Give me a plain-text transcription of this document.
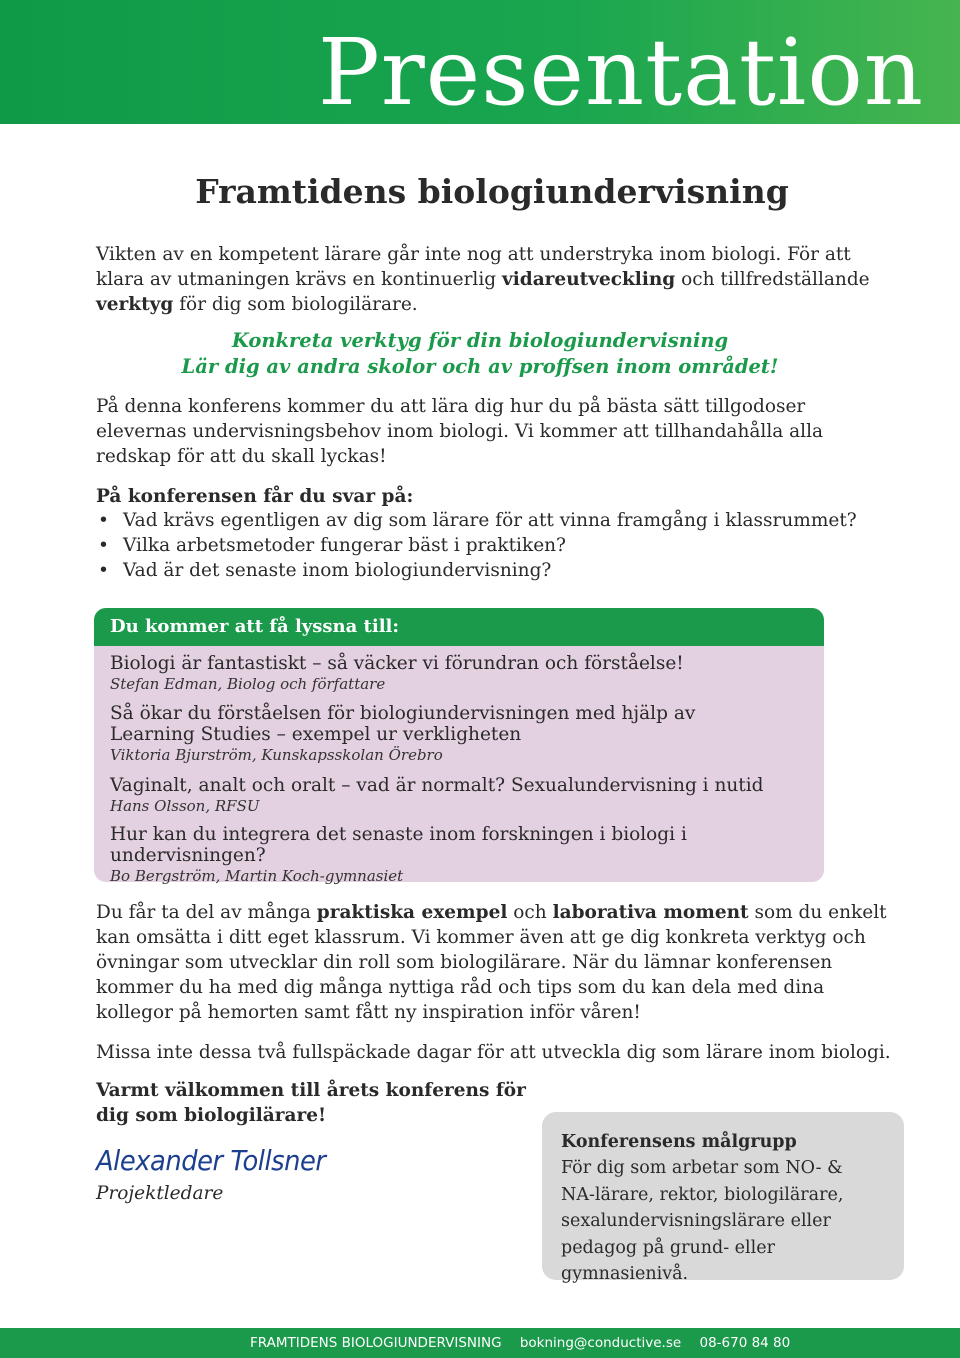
Presentation
Framtidens biologiundervisning

Vikten av en kompetent lärare går inte nog att understryka inom biologi. För att klara av utmaningen krävs en kontinuerlig vidareutveckling och tillfredställande verktyg för dig som biologilärare.

Konkreta verktyg för din biologiundervisning
Lär dig av andra skolor och av proffsen inom området!

På denna konferens kommer du att lära dig hur du på bästa sätt tillgodoser elevernas undervisningsbehov inom biologi. Vi kommer att tillhandahålla alla redskap för att du skall lyckas!

På konferensen får du svar på:

• Vad krävs egentligen av dig som lärare för att vinna framgång i klassrummet?
• Vilka arbetsmetoder fungerar bäst i praktiken?
• Vad är det senaste inom biologiundervisning?
Du kommer att få lyssna till:
Biologi är fantastiskt – så väcker vi förundran och förståelse!
Stefan Edman, Biolog och författare
Så ökar du förståelsen för biologiundervisningen med hjälp av
Learning Studies – exempel ur verkligheten
Viktoria Bjurström, Kunskapsskolan Örebro
Vaginalt, analt och oralt – vad är normalt? Sexualundervisning i nutid
Hans Olsson, RFSU
Hur kan du integrera det senaste inom forskningen i biologi i undervisningen?
Bo Bergström, Martin Koch-gymnasiet

Du får ta del av många praktiska exempel och laborativa moment som du enkelt kan omsätta i ditt eget klassrum. Vi kommer även att ge dig konkreta verktyg och övningar som utvecklar din roll som biologilärare. När du lämnar konferensen kommer du ha med dig många nyttiga råd och tips som du kan dela med dina kollegor på hemorten samt fått ny inspiration inför våren!

Missa inte dessa två fullspäckade dagar för att utveckla dig som lärare inom biologi.

Varmt välkommen till årets konferens för dig som biologilärare!
Alexander Tollsner
Projektledare
Konferensens målgrupp
För dig som arbetar som NO- &
NA-lärare, rektor, biologilärare,
sexalundervisningslärare eller
pedagog på grund- eller gymnasienivå.
FRAMTIDENS BIOLOGIUNDERVISNING bokning@conductive.se 08-670 84 80
